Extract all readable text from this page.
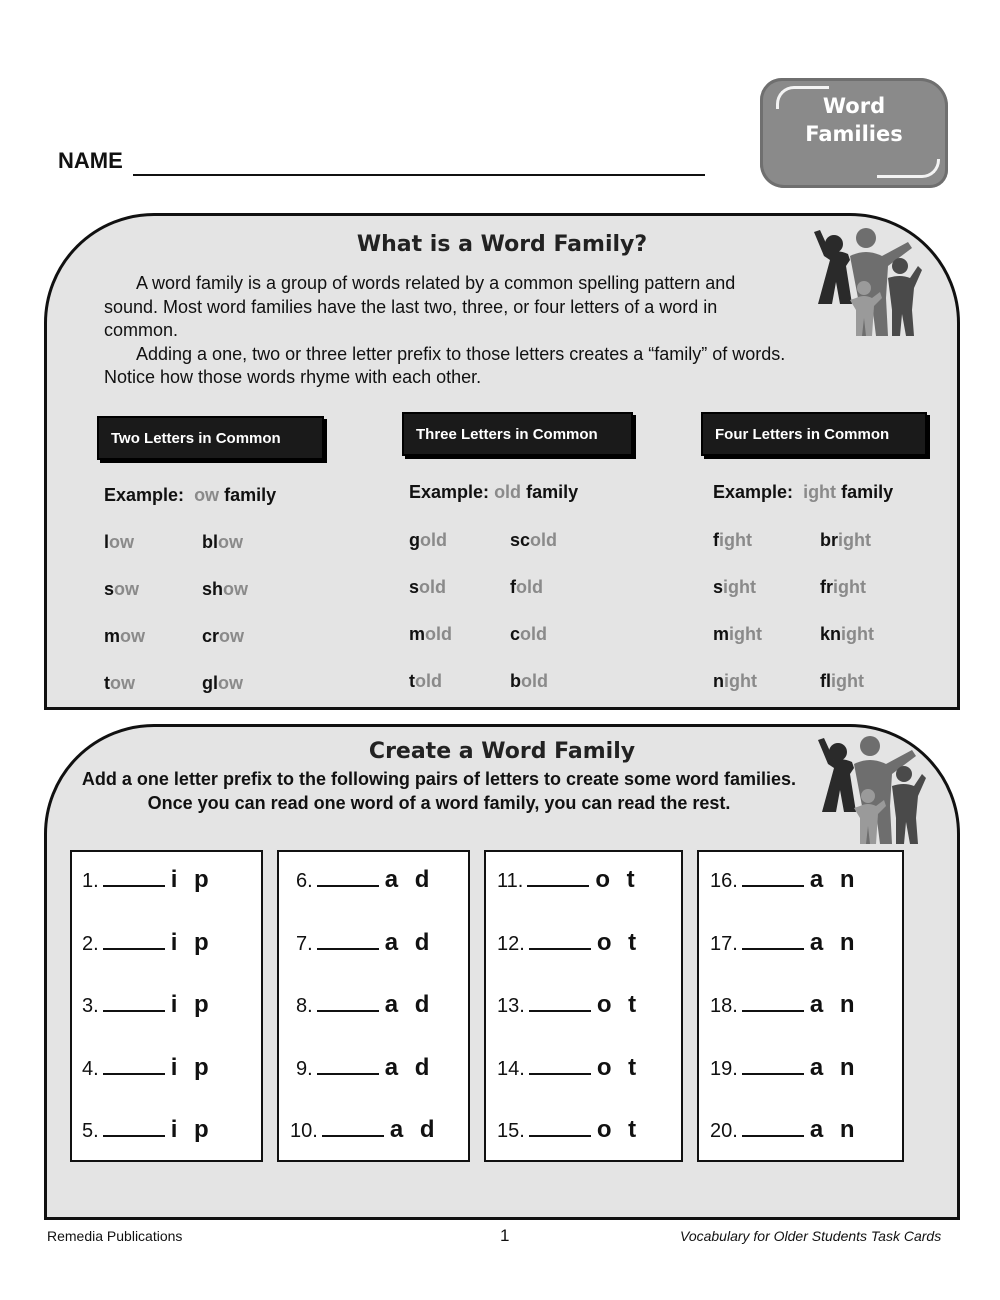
NAME
Word
Families
What is a Word Family?

A word family is a group of words related by a common spelling pattern and sound. Most word families have the last two, three, or four letters of a word in common.

Adding a one, two or three letter prefix to those letters creates a “family” of words. Notice how those words rhyme with each other.

Two Letters in Common	Three Letters in Common	Four Letters in Common
Example: ow family	Example: old family	Example: ight family
low	blow
sow	show
mow	crow
tow	glow
gold	scold
sold	fold
mold	cold
told	bold
fight	bright
sight	fright
might	knight
night	flight
Create a Word Family
Add a one letter prefix to the following pairs of letters to create some word families. Once you can read one word of a word family, you can read the rest.
1.	i p
2.	i p
3.	i p
4.	i p
5.	i p
6.	a d
7.	a d
8.	a d
9.	a d
10.	a d
11.	o t
12.	o t
13.	o t
14.	o t
15.	o t
16.	a n
17.	a n
18.	a n
19.	a n
20.	a n
Remedia Publications	1	Vocabulary for Older Students Task Cards
